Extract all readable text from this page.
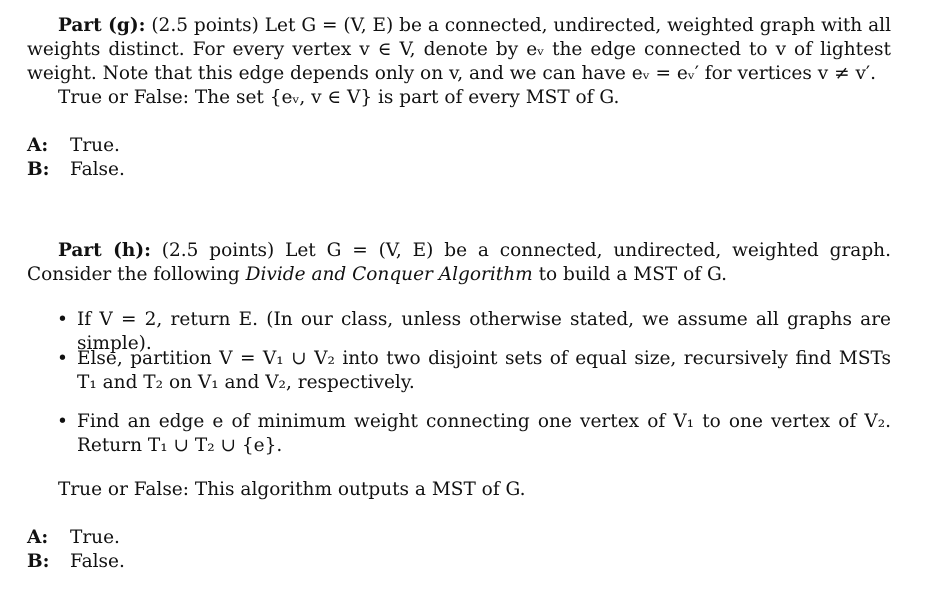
Part (g): (2.5 points) Let G = (V, E) be a connected, undirected, weighted graph with all weights distinct. For every vertex v ∈ V, denote by eᵥ the edge connected to v of lightest weight. Note that this edge depends only on v, and we can have eᵥ = eᵥ′ for vertices v ≠ v′.
True or False: The set {eᵥ, v ∈ V} is part of every MST of G.
A: True.
B: False.
Part (h): (2.5 points) Let G = (V, E) be a connected, undirected, weighted graph. Consider the following Divide and Conquer Algorithm to build a MST of G.
• If V = 2, return E. (In our class, unless otherwise stated, we assume all graphs are simple).
• Else, partition V = V₁ ∪ V₂ into two disjoint sets of equal size, recursively find MSTs T₁ and T₂ on V₁ and V₂, respectively.
• Find an edge e of minimum weight connecting one vertex of V₁ to one vertex of V₂. Return T₁ ∪ T₂ ∪ {e}.
True or False: This algorithm outputs a MST of G.
A: True.
B: False.
